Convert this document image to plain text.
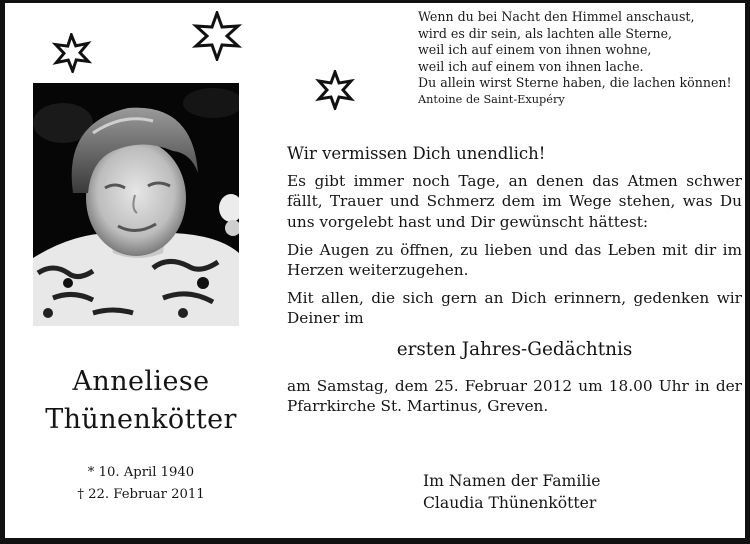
Wenn du bei Nacht den Himmel anschaust,
wird es dir sein, als lachten alle Sterne,
weil ich auf einem von ihnen wohne,
weil ich auf einem von ihnen lache.
Du allein wirst Sterne haben, die lachen können!
Antoine de Saint-Exupéry

Wir vermissen Dich unendlich!

Es gibt immer noch Tage, an denen das Atmen schwer fällt, Trauer und Schmerz dem im Wege stehen, was Du uns vorgelebt hast und Dir gewünscht hättest:

Die Augen zu öffnen, zu lieben und das Leben mit dir im Herzen weiterzugehen.

Mit allen, die sich gern an Dich erinnern, gedenken wir Deiner im

ersten Jahres-Gedächtnis

am Samstag, dem 25. Februar 2012 um 18.00 Uhr in der Pfarrkirche St. Martinus, Greven.

Anneliese
Thünenkötter
* 10. April 1940
† 22. Februar 2011
Im Namen der Familie
Claudia Thünenkötter
